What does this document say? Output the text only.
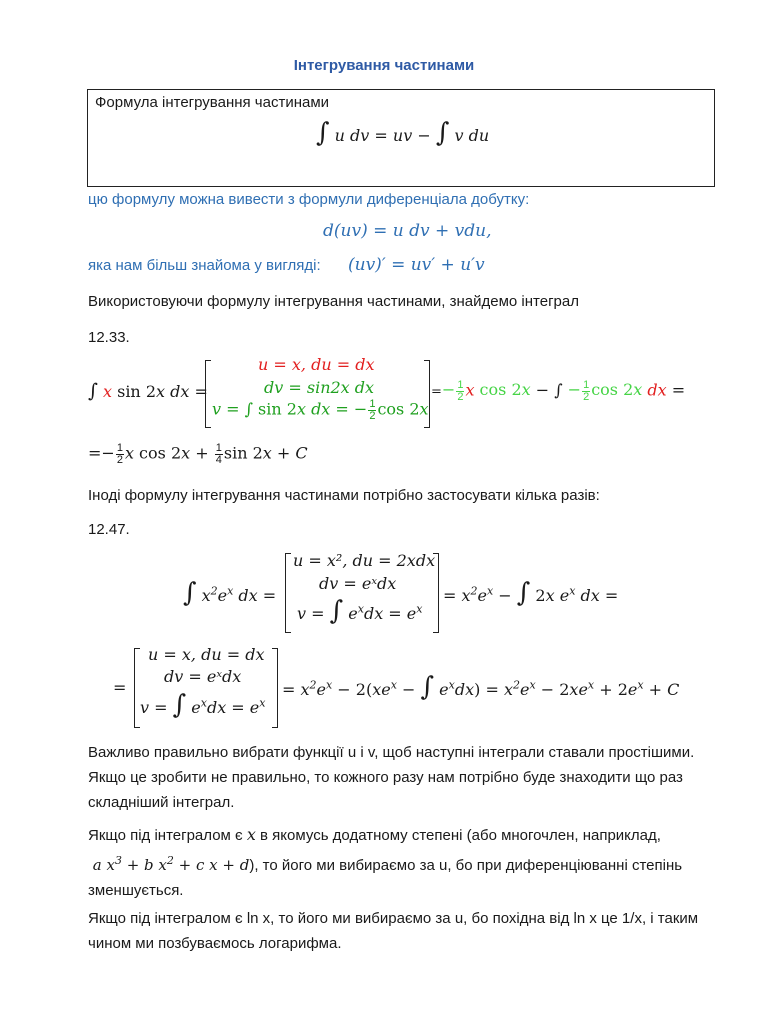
Інтегрування частинами
Формула інтегрування частинами
∫ u dv = uv − ∫ v du
цю формулу можна вивести з формули диференціала добутку:
d(uv) = u dv + vdu,
яка нам більш знайома у вигляді: (uv)′ = uv′ + u′v
Використовуючи формулу інтегрування частинами, знайдемо інтеграл
12.33.
∫ x sin 2x dx =
u = x, du = dx
dv = sin2x dx
v = ∫ sin 2x dx = − $\frac{1}{2}$ cos 2x
=− $\frac{1}{2}$ x cos 2x − ∫ − $\frac{1}{2}$ cos 2x dx =
=− $\frac{1}{2}$ x $\cos 2x + \frac{1}{4}$ sin 2x + C
Іноді формулу інтегрування частинами потрібно застосувати кілька разів:
12.47.
∫ $x^2e^x$ dx =
u = x², du = 2xdx
dv = eˣdx
v = ∫ $e^xdx = e^x$
= $x^2e^x$ − ∫ 2x $e^x$ dx =
=
u = x, du = dx
dv = eˣdx
v = ∫ $e^xdx = e^x$
= $x^2e^x - 2(xe^x$ − ∫ $e^xdx) = x^2e^x - 2xe^x + 2e^x + C$
Важливо правильно вибрати функції u і v, щоб наступні інтеграли ставали простішими. Якщо це зробити не правильно, то кожного разу нам потрібно буде знаходити що раз складніший інтеграл.
Якщо під інтегралом є x в якомусь додатному степені (або многочлен, наприклад,
a $x^3 + b$ $x^2 + c$ x + d), то його ми вибираємо за u, бо при диференціюванні степінь зменшується.
Якщо під інтегралом є ln x, то його ми вибираємо за u, бо похідна від ln x це 1/x, і таким чином ми позбуваємось логарифма.
